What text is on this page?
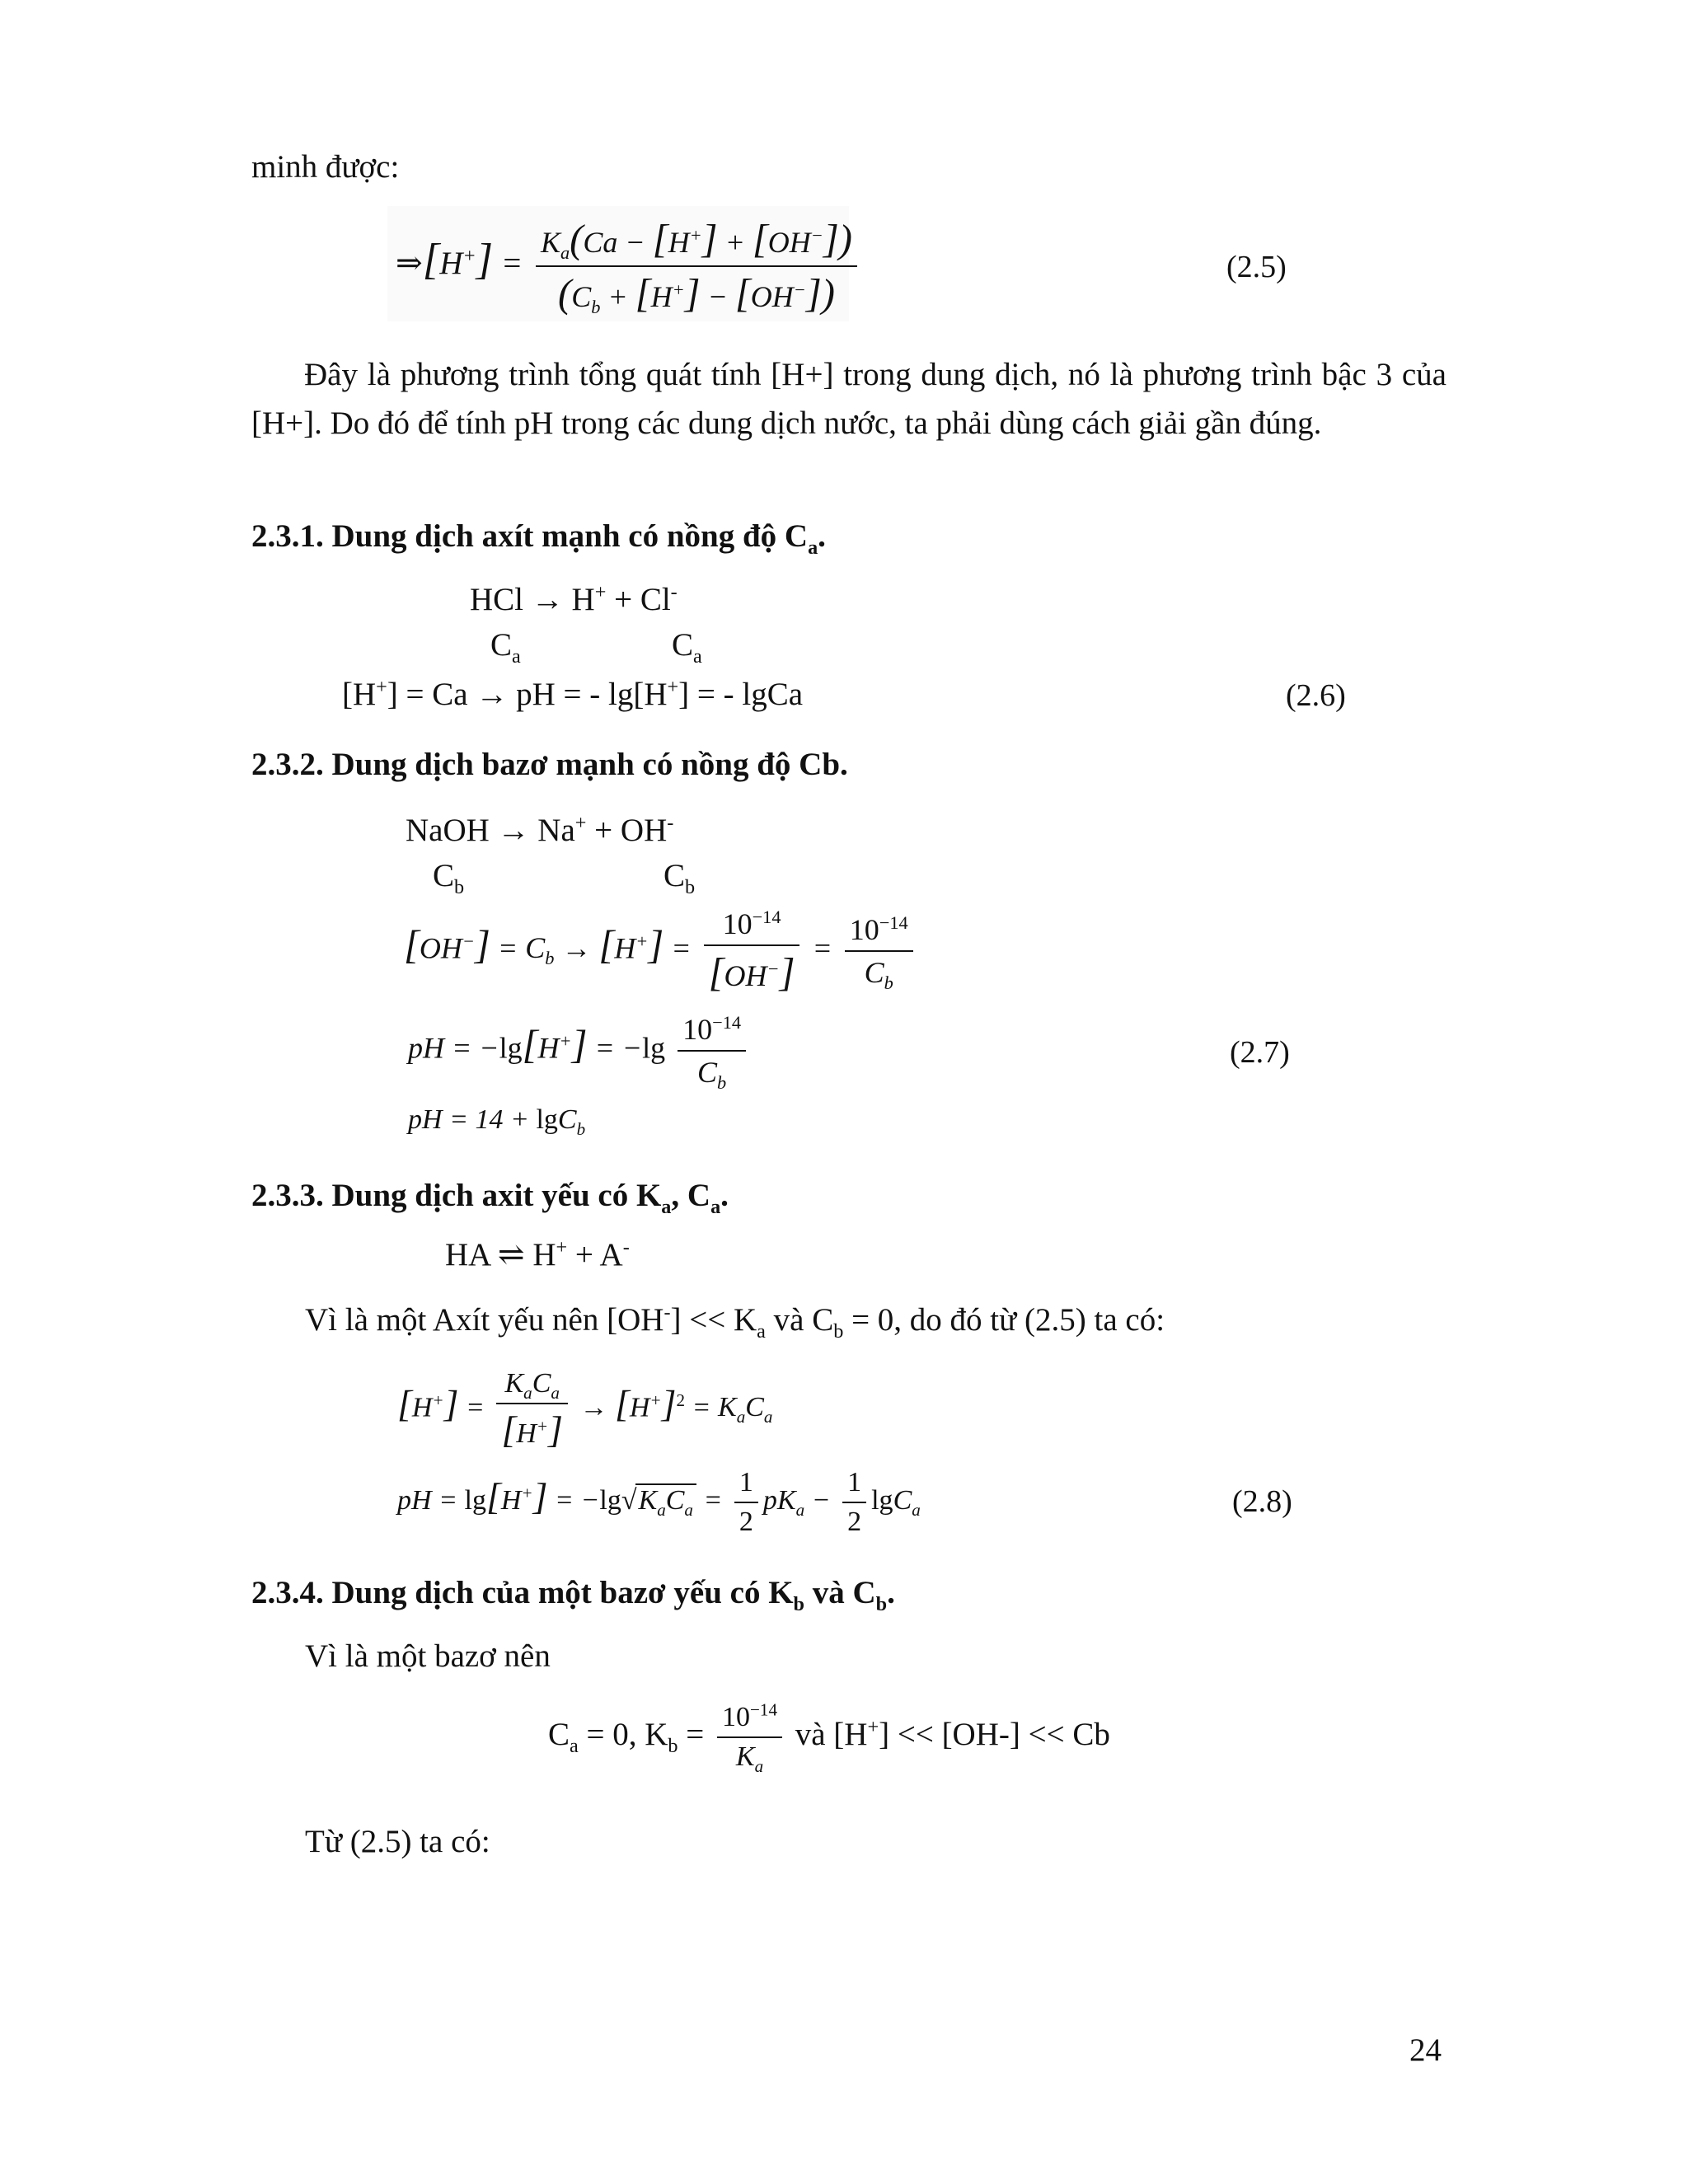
minh được:
⇒[H+] = $\frac{K_a(Ca - [H^+] + [OH^-])}{(C_b + [H^+] - [OH^-])}$	(2.5)
Đây là phương trình tổng quát tính [H+] trong dung dịch, nó là phương trình bậc 3 của [H+]. Do đó để tính pH trong các dung dịch nước, ta phải dùng cách giải gần đúng.
2.3.1. Dung dịch axít mạnh có nồng độ $C_a$.
HCl → H+ + Cl-
$C_a$	$C_a$
[H+] = Ca → pH = - lg[H+] = - lgCa	(2.6)
2.3.2. Dung dịch bazơ mạnh có nồng độ Cb.
NaOH → Na+ + OH-
$C_b$	$C_b$
$[OH^-] = C_b \to [H^+] = \frac{10^{-14}}{[OH^-]} = \frac{10^{-14}}{C_b}$
pH = $-\lg[H^+] = -\lg \frac{10^{-14}}{C_b}$	(2.7)
pH = 14 + lgC$_b$
2.3.3. Dung dịch axit yếu có $K_a$, $C_a$.
HA ⇌ H+ + A-
Vì là một Axít yếu nên $[OH^-] << K_a$ và $C_b = 0$, do đó từ (2.5) ta có:
$[H^+] = \frac{K_aC_a}{[H^+]} \to [H^+]^2 = K_aC_a$
pH = $\lg[H^+] = -\lg√K_aC_a = \frac{1}{2} pK_a - \frac{1}{2} \lg C_a$	(2.8)
2.3.4. Dung dịch của một bazơ yếu có $K_b$ và $C_b$.
Vì là một bazơ nên
$C_a = 0$, $K_b = \frac{10^{-14}}{K_a}$ và [H+] << [OH-] << Cb
Từ (2.5) ta có:
24
